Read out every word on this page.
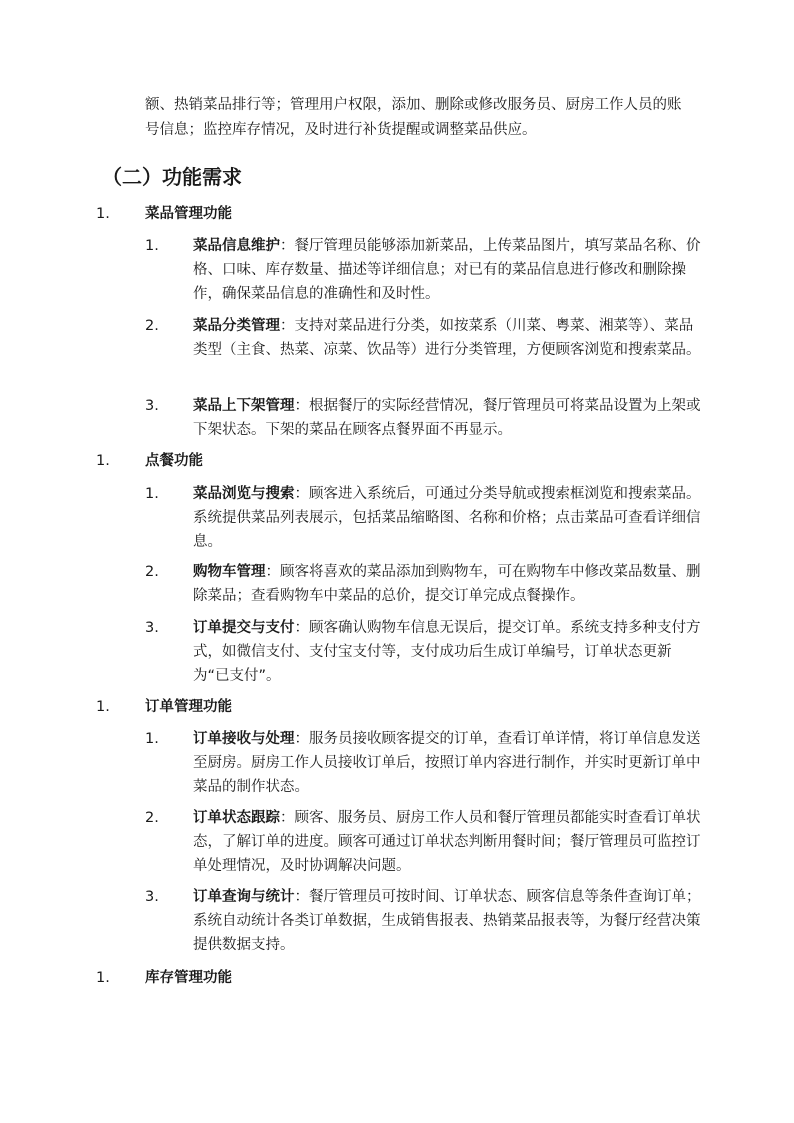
额、热销菜品排行等；管理用户权限，添加、删除或修改服务员、厨房工作人员的账
号信息；监控库存情况，及时进行补货提醒或调整菜品供应。

（二）功能需求
1. 菜品管理功能
1. 菜品信息维护：餐厅管理员能够添加新菜品，上传菜品图片，填写菜品名称、价格、口味、库存数量、描述等详细信息；对已有的菜品信息进行修改和删除操作，确保菜品信息的准确性和及时性。

2. 菜品分类管理：支持对菜品进行分类，如按菜系（川菜、粤菜、湘菜等）、菜品类型（主食、热菜、凉菜、饮品等）进行分类管理，方便顾客浏览和搜索菜品。

3. 菜品上下架管理：根据餐厅的实际经营情况，餐厅管理员可将菜品设置为上架或下架状态。下架的菜品在顾客点餐界面不再显示。

1. 点餐功能
1. 菜品浏览与搜索：顾客进入系统后，可通过分类导航或搜索框浏览和搜索菜品。系统提供菜品列表展示，包括菜品缩略图、名称和价格；点击菜品可查看详细信息。

2. 购物车管理：顾客将喜欢的菜品添加到购物车，可在购物车中修改菜品数量、删除菜品；查看购物车中菜品的总价，提交订单完成点餐操作。

3. 订单提交与支付：顾客确认购物车信息无误后，提交订单。系统支持多种支付方式，如微信支付、支付宝支付等，支付成功后生成订单编号，订单状态更新为“已支付”。

1. 订单管理功能
1. 订单接收与处理：服务员接收顾客提交的订单，查看订单详情，将订单信息发送至厨房。厨房工作人员接收订单后，按照订单内容进行制作，并实时更新订单中菜品的制作状态。

2. 订单状态跟踪：顾客、服务员、厨房工作人员和餐厅管理员都能实时查看订单状态，了解订单的进度。顾客可通过订单状态判断用餐时间；餐厅管理员可监控订单处理情况，及时协调解决问题。

3. 订单查询与统计：餐厅管理员可按时间、订单状态、顾客信息等条件查询订单；系统自动统计各类订单数据，生成销售报表、热销菜品报表等，为餐厅经营决策提供数据支持。

1. 库存管理功能
